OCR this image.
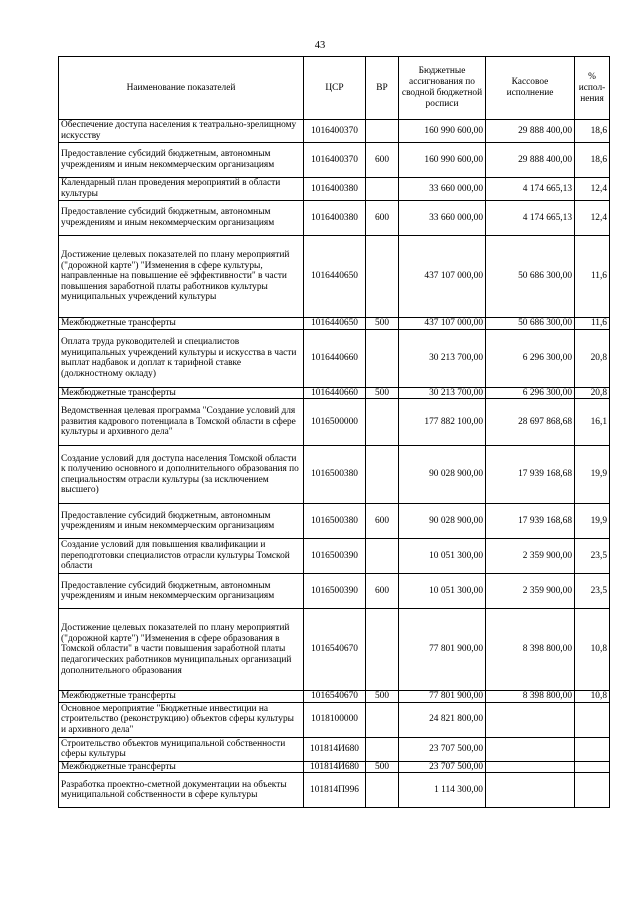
43
Наименование показателей	ЦСР	ВР	Бюджетные ассигнования по сводной бюджетной росписи	Кассовое исполнение	% испол-нения
Обеспечение доступа населения к театрально-зрелищному искусству	1016400370		160 990 600,00	29 888 400,00	18,6
Предоставление субсидий бюджетным, автономным учреждениям и иным некоммерческим организациям	1016400370	600	160 990 600,00	29 888 400,00	18,6
Календарный план проведения мероприятий в области культуры	1016400380		33 660 000,00	4 174 665,13	12,4
Предоставление субсидий бюджетным, автономным учреждениям и иным некоммерческим организациям	1016400380	600	33 660 000,00	4 174 665,13	12,4
Достижение целевых показателей по плану мероприятий ("дорожной карте") "Изменения в сфере культуры, направленные на повышение её эффективности" в части повышения заработной платы работников культуры муниципальных учреждений культуры	1016440650		437 107 000,00	50 686 300,00	11,6
Межбюджетные трансферты	1016440650	500	437 107 000,00	50 686 300,00	11,6
Оплата труда руководителей и специалистов муниципальных учреждений культуры и искусства в части выплат надбавок и доплат к тарифной ставке (должностному окладу)	1016440660		30 213 700,00	6 296 300,00	20,8
Межбюджетные трансферты	1016440660	500	30 213 700,00	6 296 300,00	20,8
Ведомственная целевая программа "Создание условий для развития кадрового потенциала в Томской области в сфере культуры и архивного дела"	1016500000		177 882 100,00	28 697 868,68	16,1
Создание условий для доступа населения Томской области к получению основного и дополнительного образования по специальностям отрасли культуры (за исключением высшего)	1016500380		90 028 900,00	17 939 168,68	19,9
Предоставление субсидий бюджетным, автономным учреждениям и иным некоммерческим организациям	1016500380	600	90 028 900,00	17 939 168,68	19,9
Создание условий для повышения квалификации и переподготовки специалистов отрасли культуры Томской области	1016500390		10 051 300,00	2 359 900,00	23,5
Предоставление субсидий бюджетным, автономным учреждениям и иным некоммерческим организациям	1016500390	600	10 051 300,00	2 359 900,00	23,5
Достижение целевых показателей по плану мероприятий ("дорожной карте") "Изменения в сфере образования в Томской области" в части повышения заработной платы педагогических работников муниципальных организаций дополнительного образования	1016540670		77 801 900,00	8 398 800,00	10,8
Межбюджетные трансферты	1016540670	500	77 801 900,00	8 398 800,00	10,8
Основное мероприятие "Бюджетные инвестиции на строительство (реконструкцию) объектов сферы культуры и архивного дела"	1018100000		24 821 800,00		
Строительство объектов муниципальной собственности сферы культуры	101814И680		23 707 500,00		
Межбюджетные трансферты	101814И680	500	23 707 500,00		
Разработка проектно-сметной документации на объекты муниципальной собственности в сфере культуры	101814П996		1 114 300,00		
